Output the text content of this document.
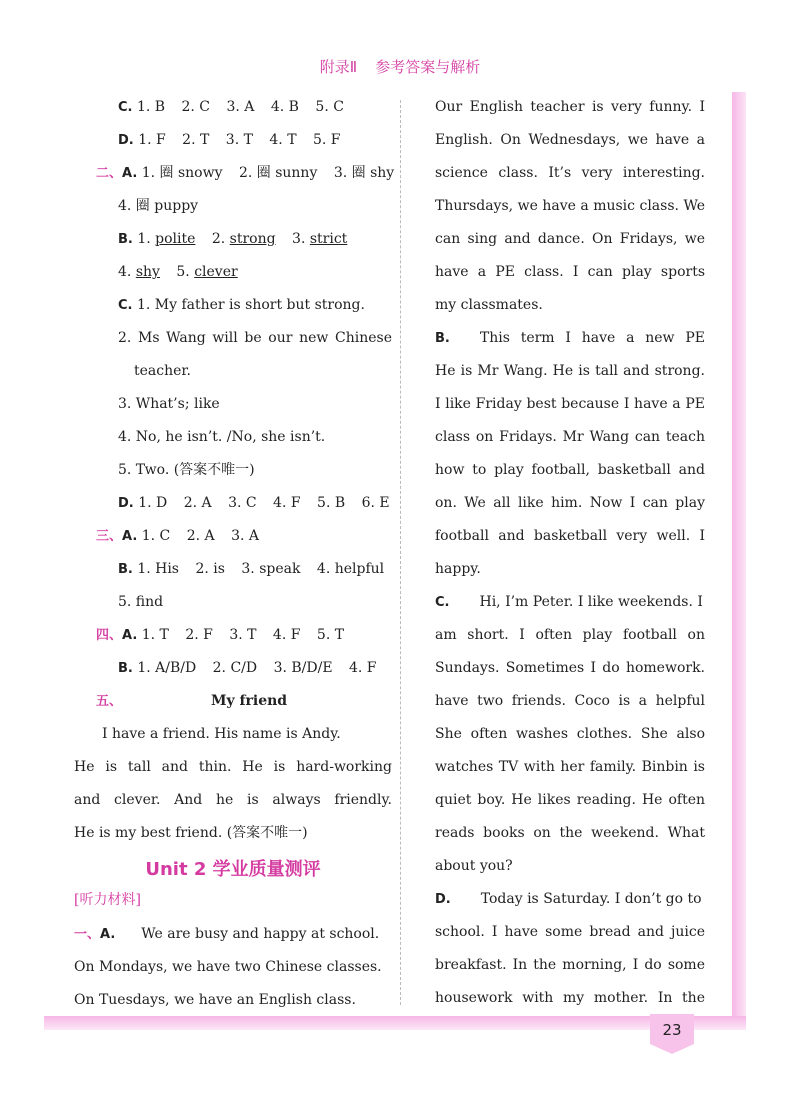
附录Ⅱ 参考答案与解析
23
C. 1. B 2. C 3. A 4. B 5. C
D. 1. F 2. T 3. T 4. T 5. F
二、A. 1. 圈 snowy 2. 圈 sunny 3. 圈 shy
4. 圈 puppy
B. 1. polite 2. strong 3. strict
4. shy 5. clever
C. 1. My father is short but strong.
2. Ms Wang will be our new Chinese
teacher.
3. What’s; like
4. No, he isn’t. /No, she isn’t.
5. Two. (答案不唯一)
D. 1. D 2. A 3. C 4. F 5. B 6. E
三、A. 1. C 2. A 3. A
B. 1. His 2. is 3. speak 4. helpful
5. find
四、A. 1. T 2. F 3. T 4. F 5. T
B. 1. A/B/D 2. C/D 3. B/D/E 4. F
五、	My friend
I have a friend. His name is Andy.
He is tall and thin. He is hard-working
and clever. And he is always friendly.
He is my best friend. (答案不唯一)
Unit 2 学业质量测评
[听力材料]
一、A. We are busy and happy at school.
On Mondays, we have two Chinese classes.
On Tuesdays, we have an English class.
Our English teacher is very funny. I
English. On Wednesdays, we have a
science class. It’s very interesting.
Thursdays, we have a music class. We
can sing and dance. On Fridays, we
have a PE class. I can play sports
my classmates.
B. This term I have a new PE
He is Mr Wang. He is tall and strong.
I like Friday best because I have a PE
class on Fridays. Mr Wang can teach
how to play football, basketball and
on. We all like him. Now I can play
football and basketball very well. I
happy.
C. Hi, I’m Peter. I like weekends. I
am short. I often play football on
Sundays. Sometimes I do homework.
have two friends. Coco is a helpful
She often washes clothes. She also
watches TV with her family. Binbin is
quiet boy. He likes reading. He often
reads books on the weekend. What
about you?
D. Today is Saturday. I don’t go to
school. I have some bread and juice
breakfast. In the morning, I do some
housework with my mother. In the
